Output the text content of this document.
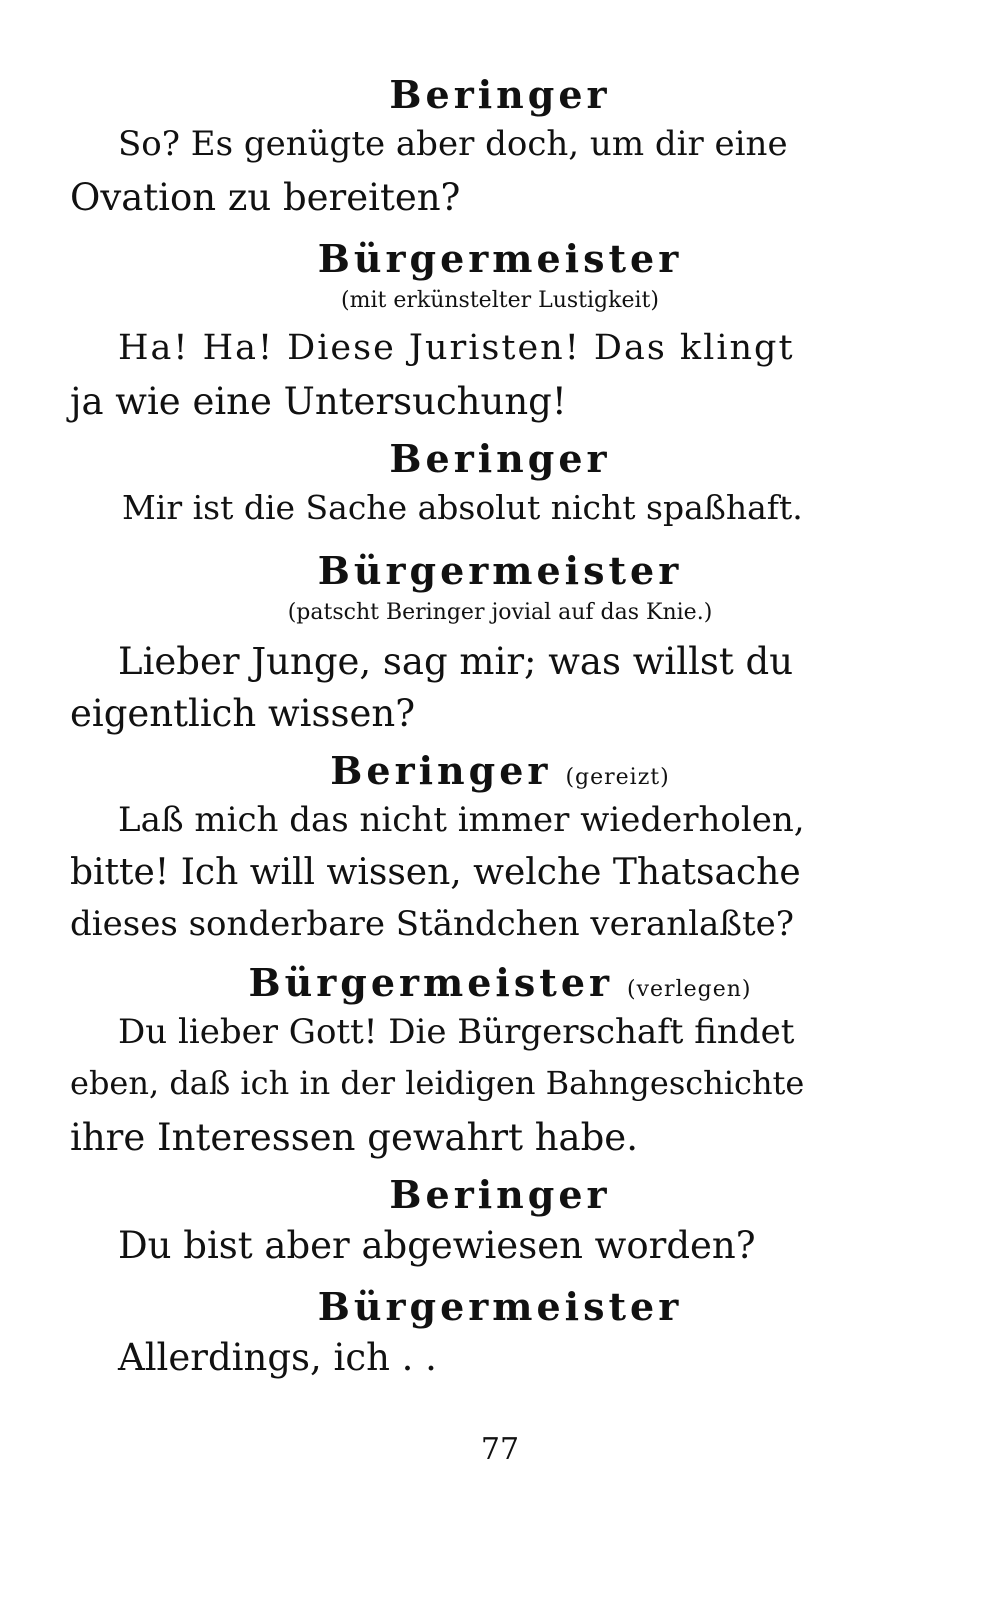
Beringer
So? Es genügte aber doch, um dir eine
Ovation zu bereiten?
Bürgermeister
(mit erkünstelter Lustigkeit)
Ha! Ha! Diese Juristen! Das klingt
ja wie eine Untersuchung!
Beringer
Mir ist die Sache absolut nicht spaßhaft.
Bürgermeister
(patscht Beringer jovial auf das Knie.)
Lieber Junge, sag mir; was willst du
eigentlich wissen?
Beringer (gereizt)
Laß mich das nicht immer wiederholen,
bitte! Ich will wissen, welche Thatsache
dieses sonderbare Ständchen veranlaßte?
Bürgermeister (verlegen)
Du lieber Gott! Die Bürgerschaft findet
eben, daß ich in der leidigen Bahngeschichte
ihre Interessen gewahrt habe.
Beringer
Du bist aber abgewiesen worden?
Bürgermeister
Allerdings, ich . .
77
